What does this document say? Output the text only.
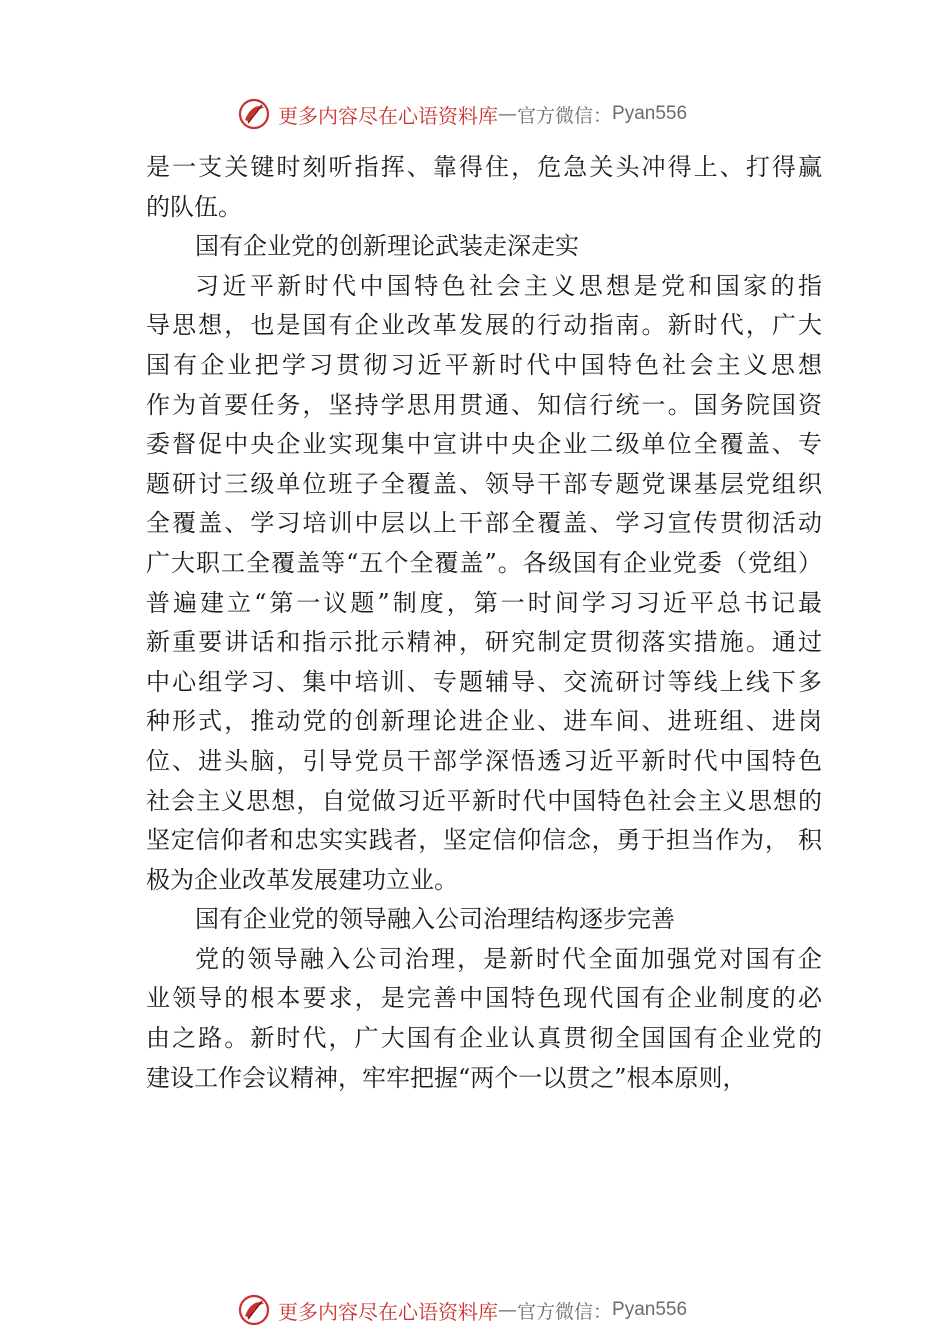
更多内容尽在心语资料库 — 官方微信： Pyan556
是一支关键时刻听指挥、靠得住，危急关头冲得上、打得赢
的队伍。
国有企业党的创新理论武装走深走实
习近平新时代中国特色社会主义思想是党和国家的指
导思想，也是国有企业改革发展的行动指南。新时代，广大
国有企业把学习贯彻习近平新时代中国特色社会主义思想
作为首要任务，坚持学思用贯通、知信行统一。国务院国资
委督促中央企业实现集中宣讲中央企业二级单位全覆盖、专
题研讨三级单位班子全覆盖、领导干部专题党课基层党组织
全覆盖、学习培训中层以上干部全覆盖、学习宣传贯彻活动
广大职工全覆盖等“五个全覆盖”。各级国有企业党委（党组）
普遍建立“第一议题”制度，第一时间学习习近平总书记最
新重要讲话和指示批示精神，研究制定贯彻落实措施。通过
中心组学习、集中培训、专题辅导、交流研讨等线上线下多
种形式，推动党的创新理论进企业、进车间、进班组、进岗
位、进头脑，引导党员干部学深悟透习近平新时代中国特色
社会主义思想，自觉做习近平新时代中国特色社会主义思想的
坚定信仰者和忠实实践者，坚定信仰信念，勇于担当作为， 积
极为企业改革发展建功立业。
国有企业党的领导融入公司治理结构逐步完善
党的领导融入公司治理，是新时代全面加强党对国有企
业领导的根本要求，是完善中国特色现代国有企业制度的必
由之路。新时代，广大国有企业认真贯彻全国国有企业党的
建设工作会议精神，牢牢把握“两个一以贯之”根本原则，
更多内容尽在心语资料库 — 官方微信： Pyan556
